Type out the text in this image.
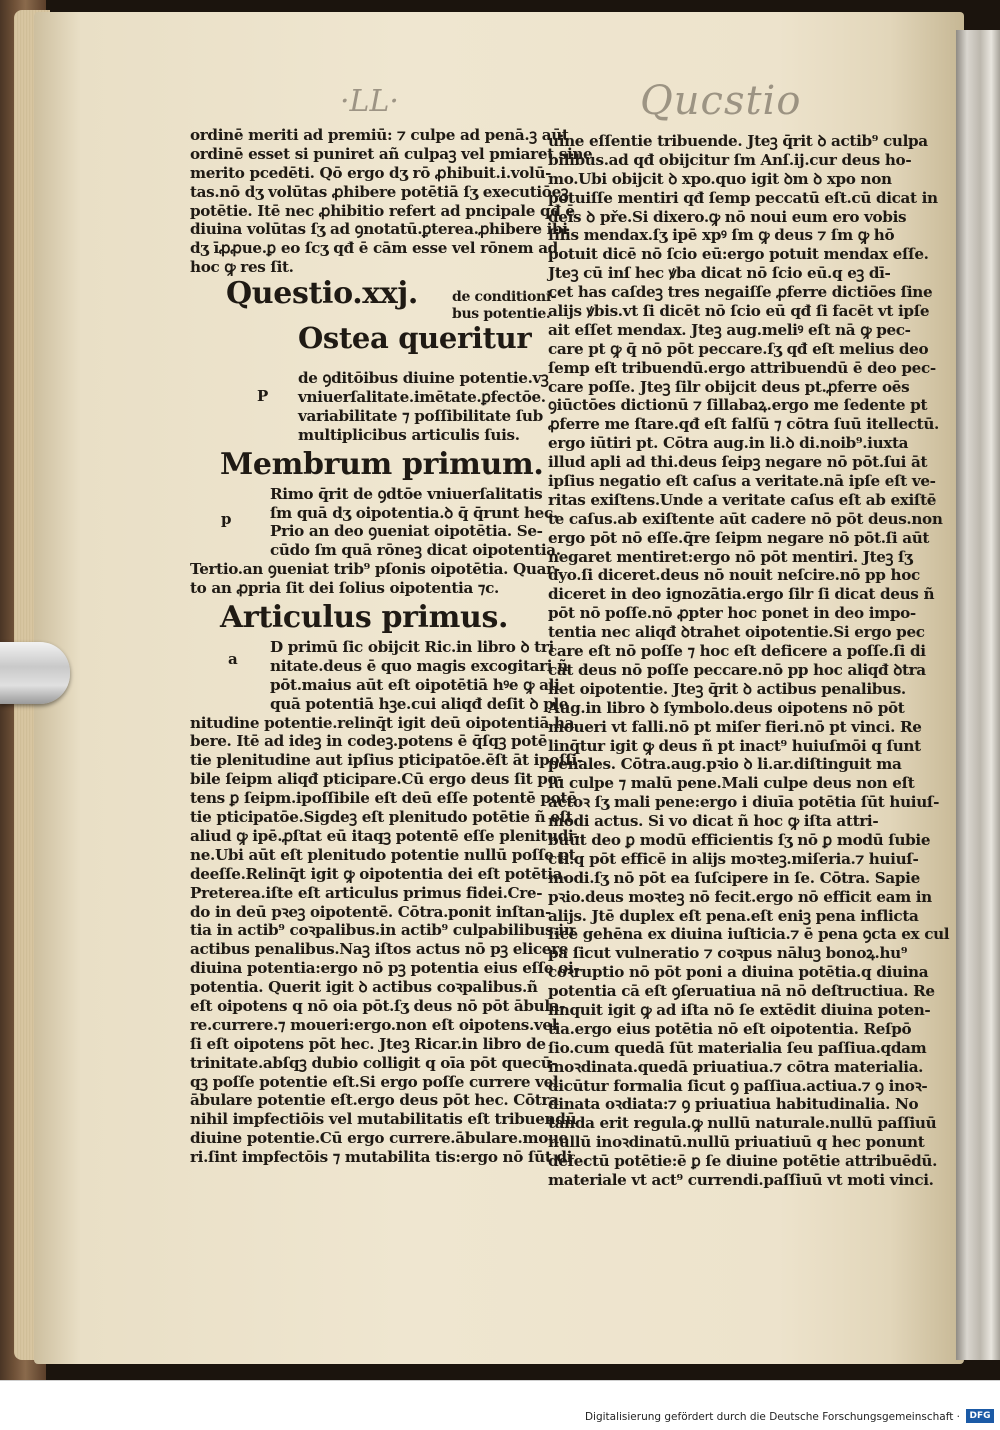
·LL·	Qucstio
ordinē meriti ad premiū: ⁊ culpe ad penā.ꝫ aūt
ordinē esset si puniret añ culpaꝫ vel pmiaret sine
merito pcedēti. Qō ergo dʒ rō ꝓhibuit.i.volū-
tas.nō dʒ volūtas ꝓhibere potētiā ſʒ executiōeꝫ
potētie. Itē nec ꝓhibitio refert ad pncipale qđ ē
diuina volūtas ſʒ ad ꝯnotatū.ꝑterea.ꝓhibere ibi
dʒ īꝓꝓue.ꝑ eo ſcʒ qđ ē cām esse vel rōnem ad
hoc ꝙ res ſit.
Questio.xxj. de conditioni-
bus potentie.
Ostea queritur
de ꝯditōibus diuine potentie.vꝫ
vniuerſalitate.imētate.ꝑfectōe.
variabilitate ⁊ poſſibilitate ſub
multiplicibus articulis ſuis.
Membrum primum.
Rimo q̄rit de ꝯdtōe vniuerſalitatis
ſm quā dʒ oipotentia.ꝺ q̄ q̄runt hec.
Prio an deo ꝯueniat oipotētia. Se-
cūdo ſm quā rōneꝫ dicat oipotentia.
Tertio.an ꝯueniat trib⁹ pſonis oipotētia. Quar-
to an ꝓpria ſit dei ſolius oipotentia ⁊c.
Articulus primus.
D primū ſic obijcit Ric.in libro ꝺ tri
nitate.deus ē quo magis excogitari ñ
pōt.maius aūt eſt oipotētiā hꝰe ꝙ ali
quā potentiā hꝫe.cui aliqđ deſit ꝺ ple
nitudine potentie.relinq̄t igit deū oipotentiā ha
bere. Itē ad ideꝫ in codeꝫ.potens ē q̄ſqꝫ potē
tie plenitudine aut ipſius pticipatōe.ēſt āt ipoſſi-
bile ſeipm aliqđ pticipare.Cū ergo deus ſit po-
tens ꝑ ſeipm.ipoſſibile eſt deū eſſe potentē potē
tie pticipatōe.Sigdeꝫ eſt plenitudo potētie ñ eſt
aliud ꝙ ipē.ꝓſtat eū itaqꝫ potentē eſſe plenitudi-
ne.Ubi aūt eſt plenitudo potentie nullū poſſe pt
deeſſe.Relinq̄t igit ꝙ oipotentia dei eſt potētia.
Preterea.iſte eſt articulus primus fidei.Cre-
do in deū pꝛeꝫ oipotentē. Cōtra.ponit inſtan-
tia in actib⁹ coꝛpalibus.in actib⁹ culpabilibus.in
actibus penalibus.Naꝫ iſtos actus nō pꝫ elicere
diuina potentia:ergo nō pꝫ potentia eius eſſe oi-
potentia. Querit igit ꝺ actibus coꝛpalibus.ñ
eſt oipotens q nō oia pōt.ſʒ deus nō pōt ābula-
re.currere.⁊ moueri:ergo.non eſt oipotens.vel
ſi eſt oipotens pōt hec. Jteꝫ Ricar.in libro de
trinitate.abſqꝫ dubio colligit q oīa pōt quecū-
qꝫ poſſe potentie eſt.Si ergo poſſe currere vel
ābulare potentie eſt.ergo deus pōt hec. Cōtra
nihil impfectiōis vel mutabilitatis eſt tribuendū
diuine potentie.Cū ergo currere.ābulare.moue
ri.ſint impfectōis ⁊ mutabilita tis:ergo nō ſūt di
P
p
a
uine eſſentie tribuende. Jteꝫ q̄rit ꝺ actib⁹ culpa
bilibus.ad qđ obijcitur ſm Anſ.ij.cur deus ho-
mo.Ubi obijcit ꝺ xpo.quo igit ꝺm ꝺ xpo non
potuiſſe mentiri qđ ſemp peccatū eſt.cū dicat in
deis ꝺ pře.Si dixero.ꝙ nō noui eum ero vobis
ſilis mendax.ſʒ ipē xpꝰ ſm ꝙ deus ⁊ ſm ꝙ hō
potuit dicē nō ſcio eū:ergo potuit mendax eſſe.
Jteꝫ cū inſ hec ꝟba dicat nō ſcio eū.q eꝫ dī-
cet has caſdeꝫ tres negaiſſe ꝓferre dictiōes ſine
alijs ꝟbis.vt ſi dicēt nō ſcio eū qđ ſi facēt vt ipſe
ait eſſet mendax. Jteꝫ aug.meliꝰ eſt nā ꝙ pec-
care pt ꝙ q̄ nō pōt peccare.ſʒ qđ eſt melius deo
ſemp eſt tribuendū.ergo attribuendū ē deo pec-
care poſſe. Jteꝫ ſilr obijcit deus pt.ꝓferre oēs
ꝯiūctōes dictionū ⁊ ſillabaꝝ.ergo me ſedente pt
ꝓferre me ſtare.qđ eſt falſū ⁊ cōtra ſuū itellectū.
ergo iūtiri pt. Cōtra aug.in li.ꝺ di.noib⁹.iuxta
illud apli ad thi.deus ſeipꝫ negare nō pōt.ſui āt
ipſius negatio eſt caſus a veritate.nā ipſe eſt ve-
ritas exiſtens.Unde a veritate caſus eſt ab exiſtē
te caſus.ab exiſtente aūt cadere nō pōt deus.non
ergo pōt nō eſſe.q̄re ſeipm negare nō pōt.ſi aūt
negaret mentiret:ergo nō pōt mentiri. Jteꝫ ſʒ
dyo.ſi diceret.deus nō nouit neſcire.nō pp hoc
diceret in deo ignozātia.ergo ſilr ſi dicat deus ñ
pōt nō poſſe.nō ꝓpter hoc ponet in deo impo-
tentia nec aliqđ ꝺtrahet oipotentie.Si ergo pec
care eſt nō poſſe ⁊ hoc eſt deficere a poſſe.ſi di
cat deus nō poſſe peccare.nō pp hoc aliqđ ꝺtra
het oipotentie. Jteꝫ q̄rit ꝺ actibus penalibus.
Aug.in libro ꝺ ſymbolo.deus oipotens nō pōt
moueri vt falli.nō pt miſer fieri.nō pt vinci. Re
linq̄tur igit ꝙ deus ñ pt inact⁹ huiuſmōi q ſunt
penales. Cōtra.aug.pꝛio ꝺ li.ar.diſtinguit ma
lū culpe ⁊ malū pene.Mali culpe deus non eſt
actoꝛ ſʒ mali pene:ergo i diuīa potētia ſūt huiuſ-
modi actus. Si vo dicat ñ hoc ꝙ iſta attri-
buūt deo ꝑ modū efficientis ſʒ nō ꝑ modū ſubie
cti.q pōt efficē in alijs moꝛteꝫ.miſeria.⁊ huiuſ-
modi.ſʒ nō pōt ea ſuſcipere in ſe. Cōtra. Sapie
pꝛio.deus moꝛteꝫ nō fecit.ergo nō efficit eam in
alijs. Jtē duplex eſt pena.eſt eniꝫ pena inflicta
ſicē gehēna ex diuina iuſticia.⁊ ē pena ꝯcta ex cul
pa ſicut vulneratio ⁊ coꝛpus nāluꝫ bonoꝝ.hu⁹
coꝛruptio nō pōt poni a diuina potētia.q diuina
potentia cā eſt ꝯſeruatiua nā nō deſtructiua. Re
linquit igit ꝙ ad iſta nō ſe extēdit diuina poten-
tia.ergo eius potētia nō eſt oipotentia. Reſpō
ſio.cum quedā ſūt materialia ſeu paſſiua.qdam
inoꝛdinata.quedā priuatiua.⁊ cōtra materialia.
dicūtur formalia ſicut ꝯ paſſiua.actiua.⁊ ꝯ inoꝛ-
dinata oꝛdiata:⁊ ꝯ priuatiua habitudinalia. No
tanda erit regula.ꝙ nullū naturale.nullū paſſiuū
nullū inoꝛdinatū.nullū priuatiuū q hec ponunt
defectū potētie:ē ꝑ ſe diuine potētie attribuēdū.
materiale vt act⁹ currendi.paſſiuū vt moti vinci.
Digitalisierung gefördert durch die Deutsche Forschungsgemeinschaft ·	DFG
